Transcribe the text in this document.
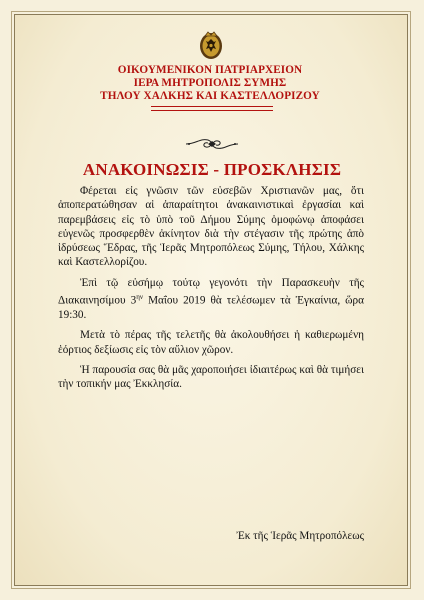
ΟΙΚΟΥΜΕΝΙΚΟΝ ΠΑΤΡΙΑΡΧΕΙΟΝ
ΙΕΡΑ ΜΗΤΡΟΠΟΛΙΣ ΣΥΜΗΣ
ΤΗΛΟΥ ΧΑΛΚΗΣ ΚΑΙ ΚΑΣΤΕΛΛΟΡΙΖΟΥ
ΑΝΑΚΟΙΝΩΣΙΣ - ΠΡΟΣΚΛΗΣΙΣ

Φέρεται εἰς γνῶσιν τῶν εὐσεβῶν Χριστιανῶν μας, ὅτι ἀποπερατώθησαν αἱ ἀπαραίτητοι ἀνακαινιστικαὶ ἐργασίαι καὶ παρεμβάσεις εἰς τὸ ὑπὸ τοῦ Δήμου Σύμης ὁμοφώνῳ ἀποφάσει εὐγενῶς προσφερθὲν ἀκίνητον διὰ τὴν στέγασιν τῆς πρώτης ἀπὸ ἱδρύσεως Ἕδρας, τῆς Ἱερᾶς Μητροπόλεως Σύμης, Τήλου, Χάλκης καὶ Καστελλορίζου.

Ἐπὶ τῷ εὐσήμῳ τούτῳ γεγονότι τὴν Παρασκευὴν τῆς Διακαινησίμου $3^{\eta\nu}$ Μαΐου 2019 θὰ τελέσωμεν τὰ Ἐγκαίνια, ὥρα 19:30.

Μετὰ τὸ πέρας τῆς τελετῆς θὰ ἀκολουθήσει ἡ καθιερωμένη ἑόρτιος δεξίωσις εἰς τὸν αὔλιον χῶρον.

Ἡ παρουσία σας θὰ μᾶς χαροποιήσει ἰδιαιτέρως καὶ θὰ τιμήσει τὴν τοπικήν μας Ἐκκλησία.

Ἐκ τῆς Ἱερᾶς Μητροπόλεως
